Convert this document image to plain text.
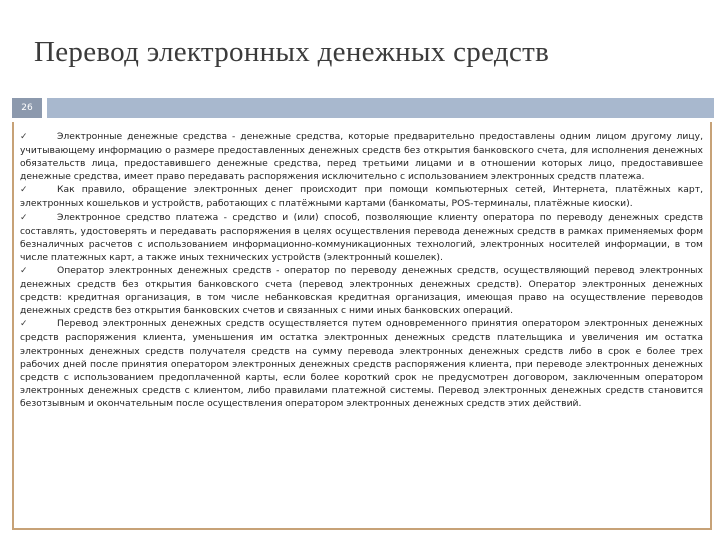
Перевод электронных денежных средств
26

✓	Электронные денежные средства - денежные средства, которые предварительно предоставлены одним лицом другому лицу, учитывающему информацию о размере предоставленных денежных средств без открытия банковского счета, для исполнения денежных обязательств лица, предоставившего денежные средства, перед третьими лицами и в отношении которых лицо, предоставившее денежные средства, имеет право передавать распоряжения исключительно с использованием электронных средств платежа.

✓	Как правило, обращение электронных денег происходит при помощи компьютерных сетей, Интернета, платёжных карт, электронных кошельков и устройств, работающих с платёжными картами (банкоматы, POS-терминалы, платёжные киоски).

✓	Электронное средство платежа - средство и (или) способ, позволяющие клиенту оператора по переводу денежных средств составлять, удостоверять и передавать распоряжения в целях осуществления перевода денежных средств в рамках применяемых форм безналичных расчетов с использованием информационно-коммуникационных технологий, электронных носителей информации, в том числе платежных карт, а также иных технических устройств (электронный кошелек).

✓	Оператор электронных денежных средств - оператор по переводу денежных средств, осуществляющий перевод электронных денежных средств без открытия банковского счета (перевод электронных денежных средств). Оператор электронных денежных средств: кредитная организация, в том числе небанковская кредитная организация, имеющая право на осуществление переводов денежных средств без открытия банковских счетов и связанных с ними иных банковских операций.

✓	Перевод электронных денежных средств осуществляется путем одновременного принятия оператором электронных денежных средств распоряжения клиента, уменьшения им остатка электронных денежных средств плательщика и увеличения им остатка электронных денежных средств получателя средств на сумму перевода электронных денежных средств либо в срок е более трех рабочих дней после принятия оператором электронных денежных средств распоряжения клиента, при переводе электронных денежных средств с использованием предоплаченной карты, если более короткий срок не предусмотрен договором, заключенным оператором электронных денежных средств с клиентом, либо правилами платежной системы. Перевод электронных денежных средств становится безотзывным и окончательным после осуществления оператором электронных денежных средств этих действий.
